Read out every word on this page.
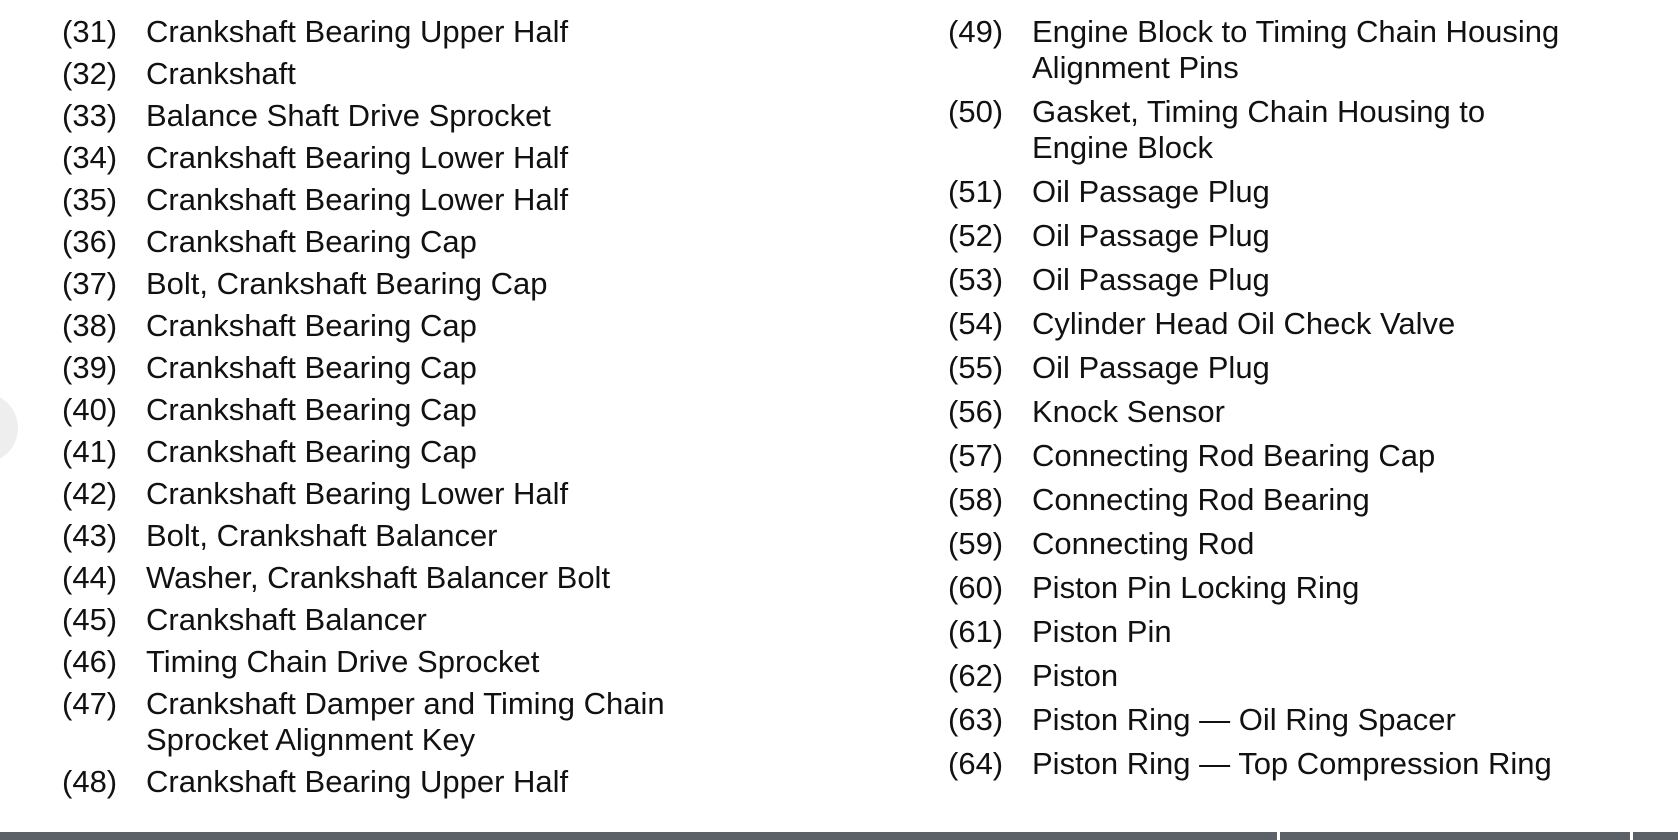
(31) Crankshaft Bearing Upper Half
(32) Crankshaft
(33) Balance Shaft Drive Sprocket
(34) Crankshaft Bearing Lower Half
(35) Crankshaft Bearing Lower Half
(36) Crankshaft Bearing Cap
(37) Bolt, Crankshaft Bearing Cap
(38) Crankshaft Bearing Cap
(39) Crankshaft Bearing Cap
(40) Crankshaft Bearing Cap
(41) Crankshaft Bearing Cap
(42) Crankshaft Bearing Lower Half
(43) Bolt, Crankshaft Balancer
(44) Washer, Crankshaft Balancer Bolt
(45) Crankshaft Balancer
(46) Timing Chain Drive Sprocket
(47) Crankshaft Damper and Timing Chain
Sprocket Alignment Key
(48) Crankshaft Bearing Upper Half
(49) Engine Block to Timing Chain Housing
Alignment Pins
(50) Gasket, Timing Chain Housing to
Engine Block
(51) Oil Passage Plug
(52) Oil Passage Plug
(53) Oil Passage Plug
(54) Cylinder Head Oil Check Valve
(55) Oil Passage Plug
(56) Knock Sensor
(57) Connecting Rod Bearing Cap
(58) Connecting Rod Bearing
(59) Connecting Rod
(60) Piston Pin Locking Ring
(61) Piston Pin
(62) Piston
(63) Piston Ring — Oil Ring Spacer
(64) Piston Ring — Top Compression Ring
